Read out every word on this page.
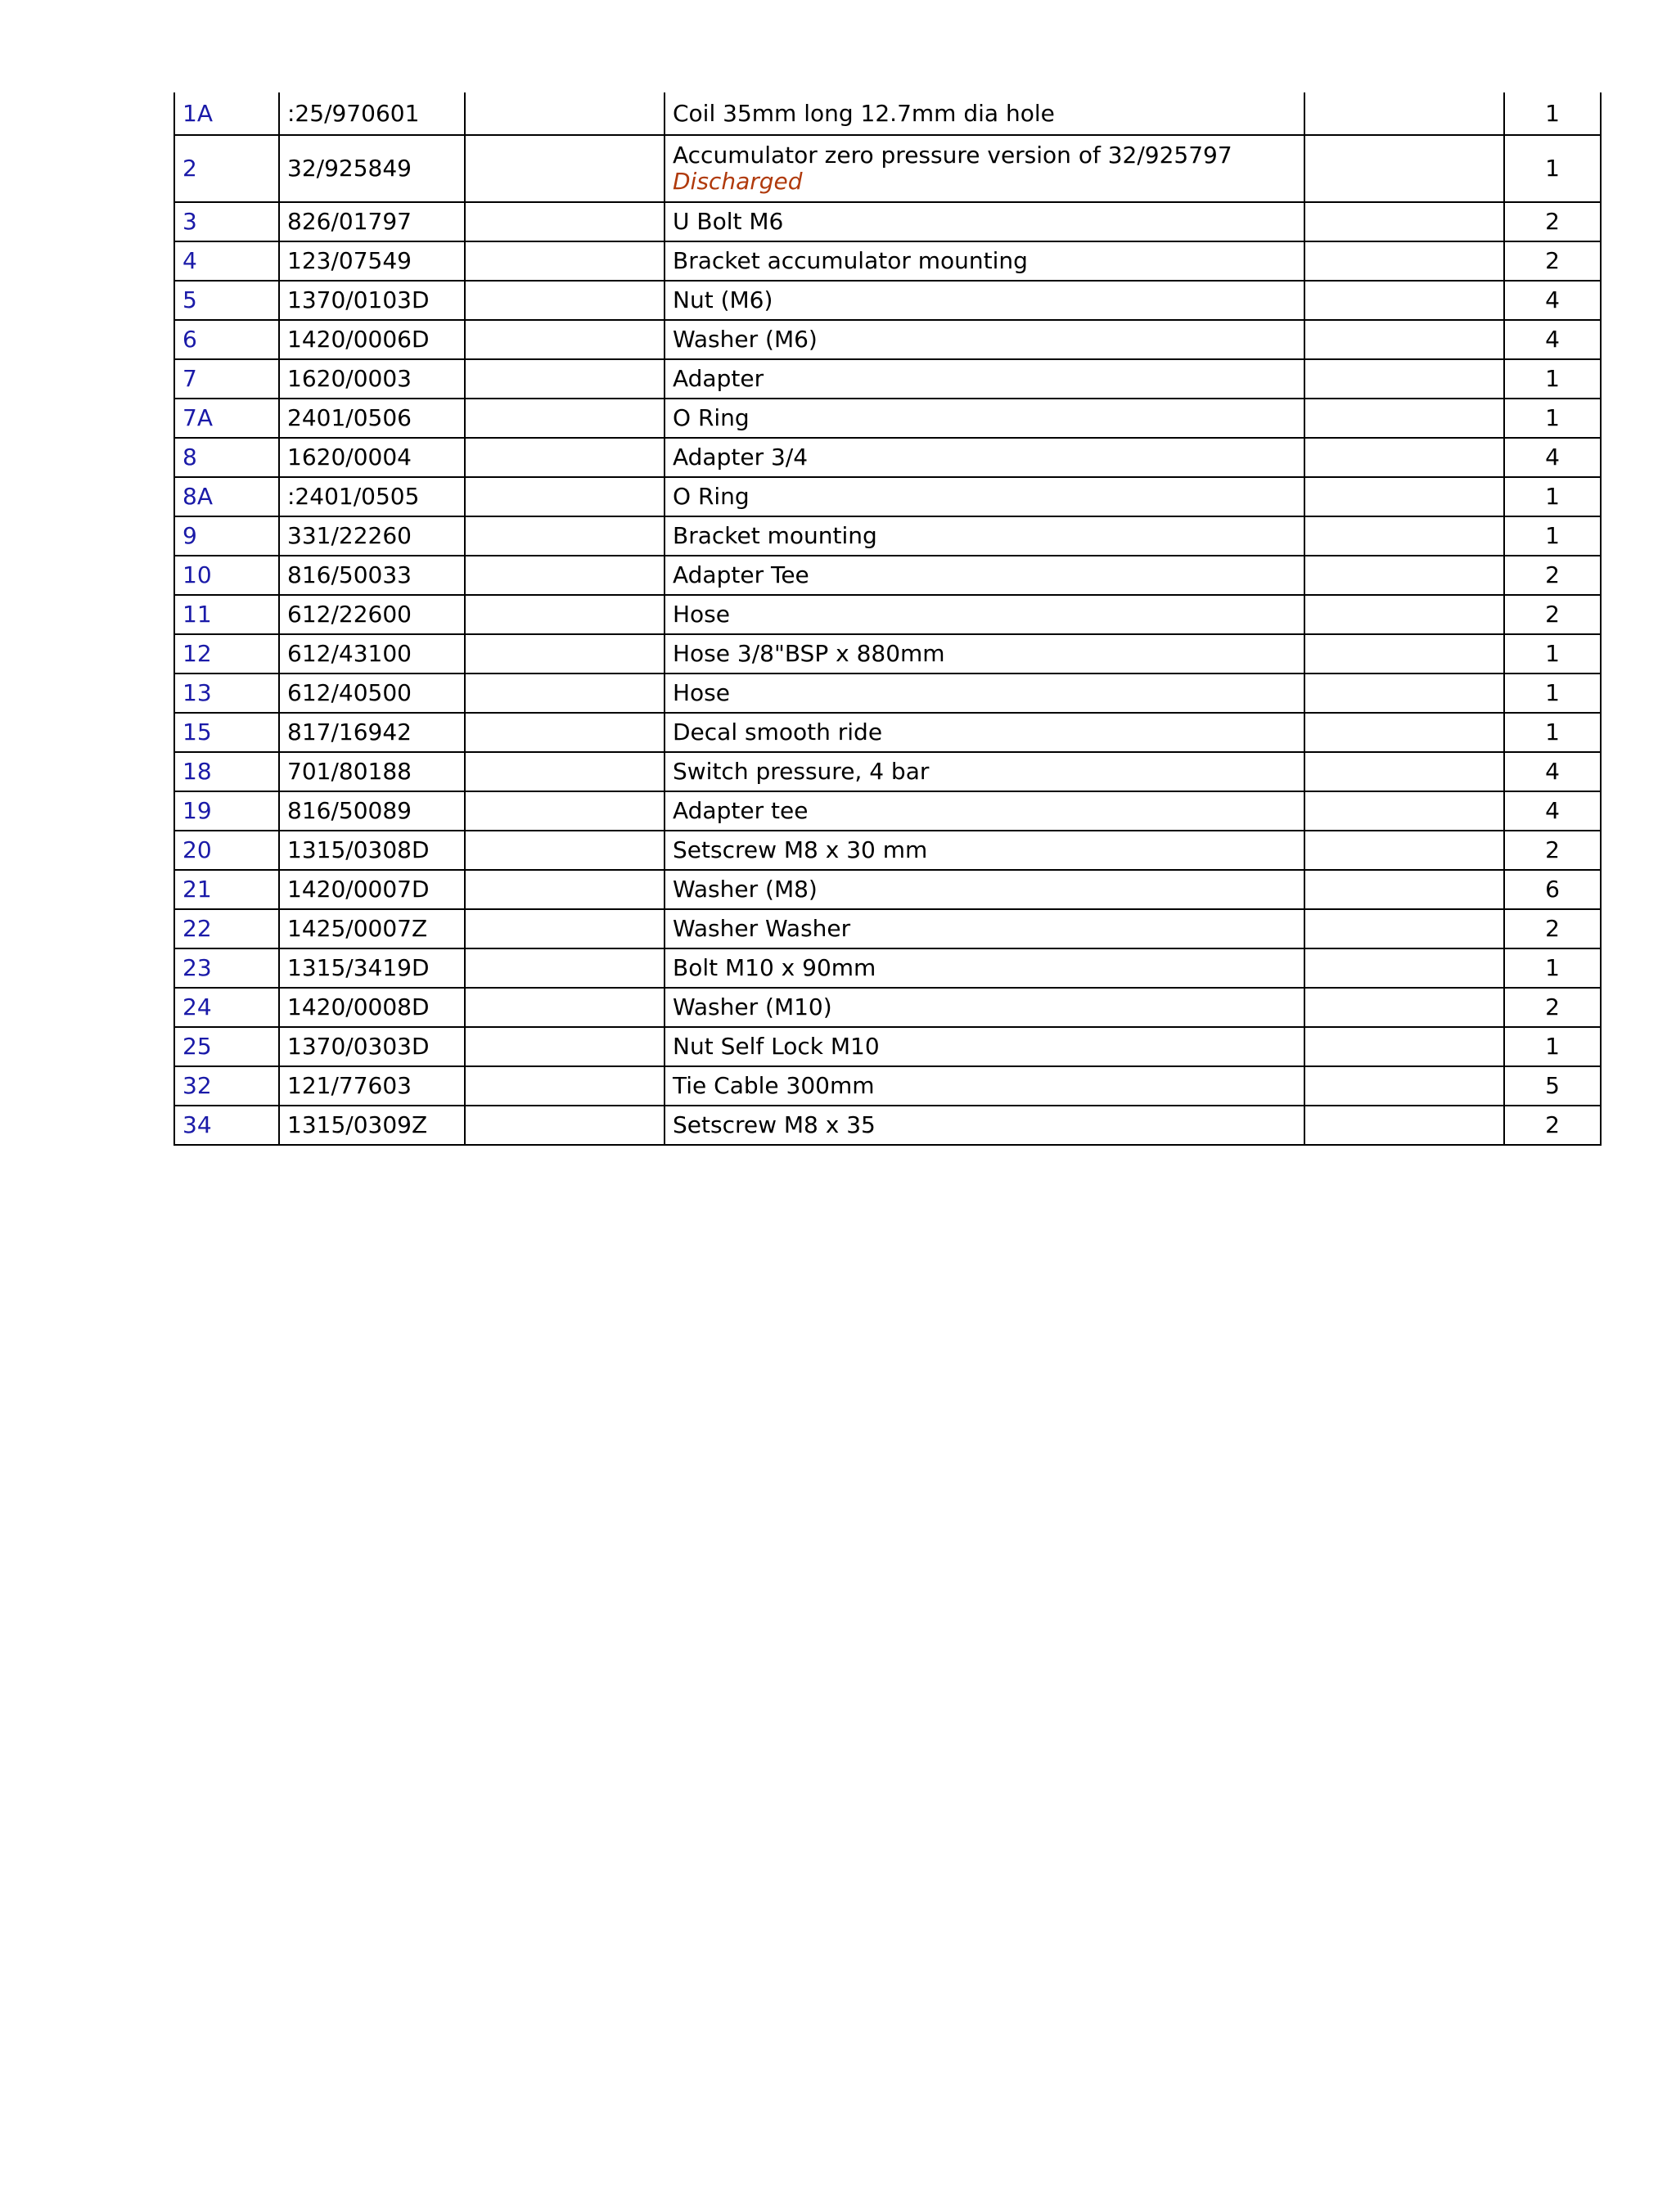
1A	:25/970601		Coil 35mm long 12.7mm dia hole		1
2	32/925849		Accumulator zero pressure version of 32/925797
Discharged		1
3	826/01797		U Bolt M6		2
4	123/07549		Bracket accumulator mounting		2
5	1370/0103D		Nut (M6)		4
6	1420/0006D		Washer (M6)		4
7	1620/0003		Adapter		1
7A	2401/0506		O Ring		1
8	1620/0004		Adapter 3/4		4
8A	:2401/0505		O Ring		1
9	331/22260		Bracket mounting		1
10	816/50033		Adapter Tee		2
11	612/22600		Hose		2
12	612/43100		Hose 3/8"BSP x 880mm		1
13	612/40500		Hose		1
15	817/16942		Decal smooth ride		1
18	701/80188		Switch pressure, 4 bar		4
19	816/50089		Adapter tee		4
20	1315/0308D		Setscrew M8 x 30 mm		2
21	1420/0007D		Washer (M8)		6
22	1425/0007Z		Washer Washer		2
23	1315/3419D		Bolt M10 x 90mm		1
24	1420/0008D		Washer (M10)		2
25	1370/0303D		Nut Self Lock M10		1
32	121/77603		Tie Cable 300mm		5
34	1315/0309Z		Setscrew M8 x 35		2
